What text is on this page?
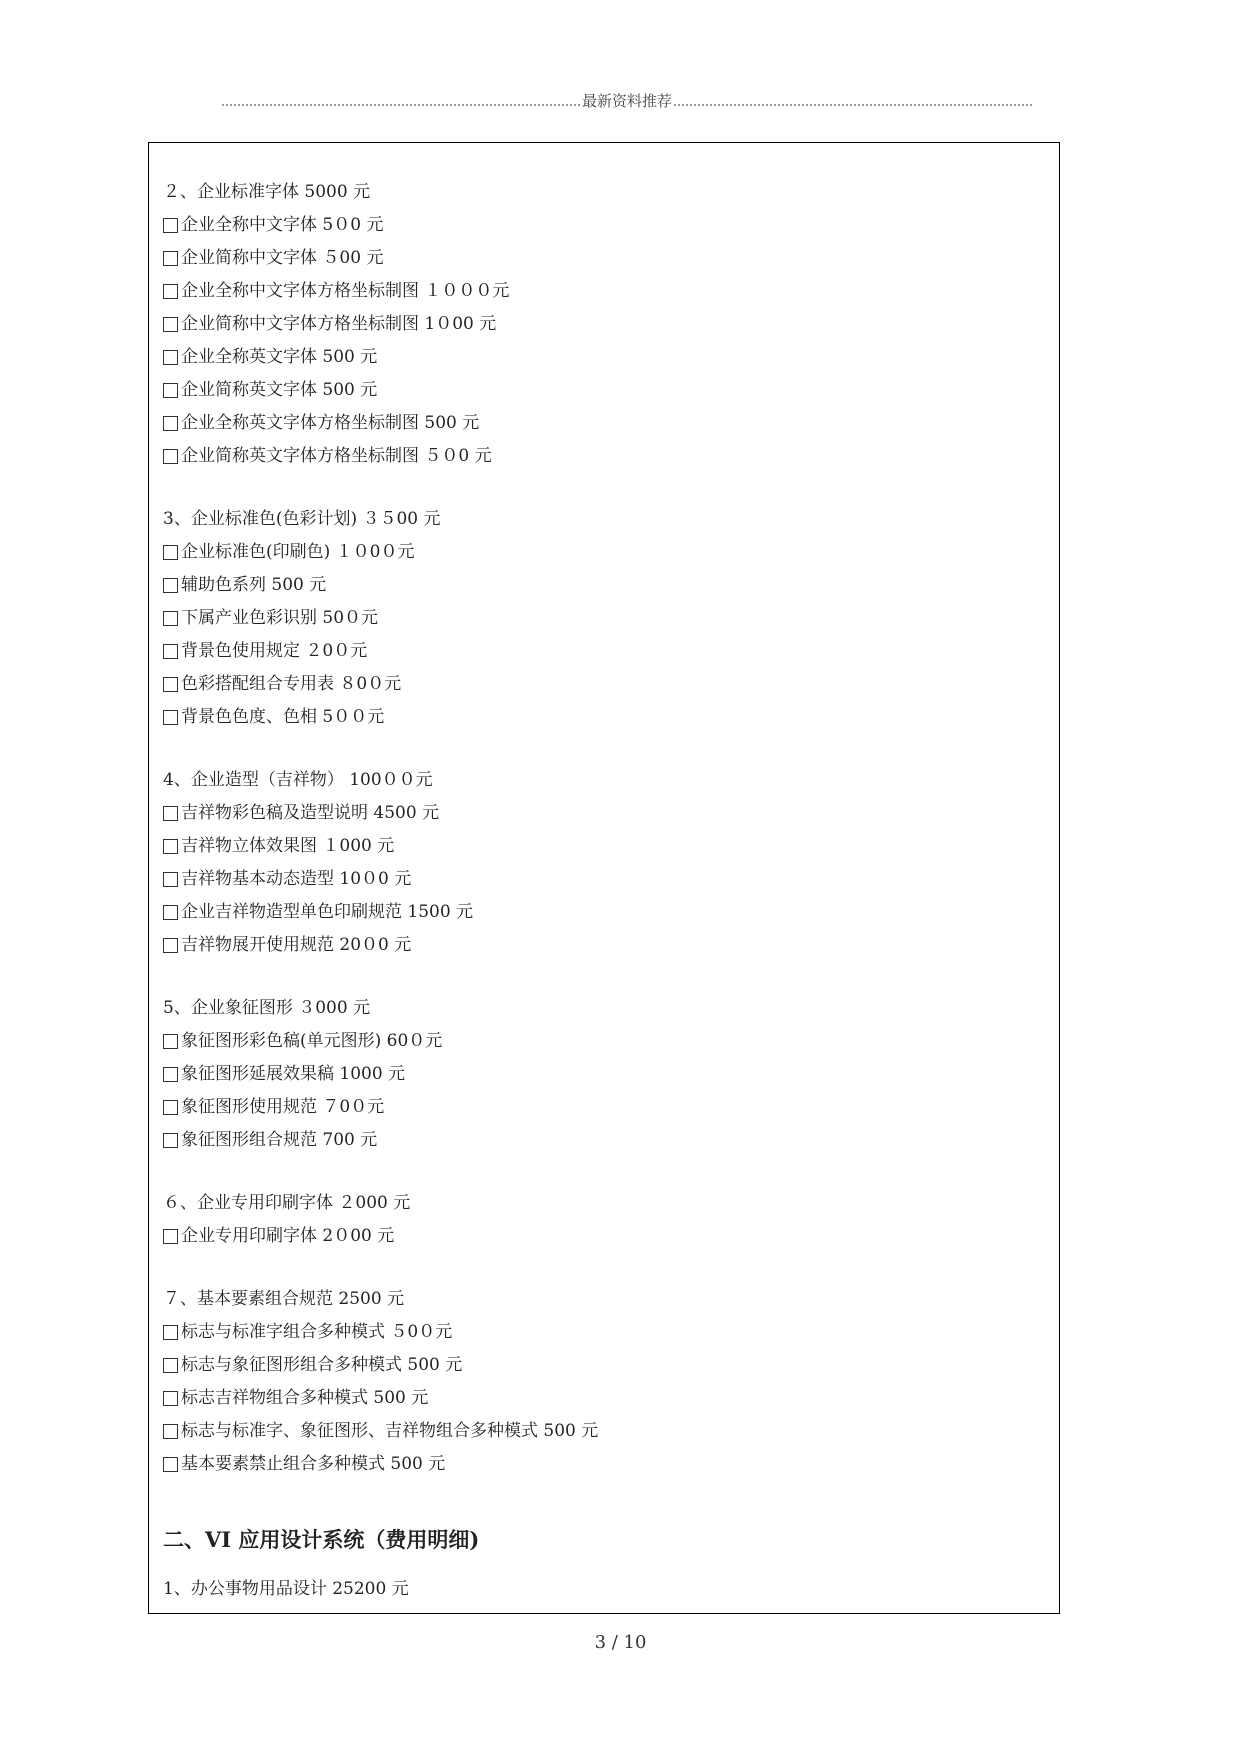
最新资料推荐
２、企业标准字体 5000 元
企业全称中文字体 5０0 元
企业简称中文字体 ５00 元
企业全称中文字体方格坐标制图 １０００元
企业简称中文字体方格坐标制图 1０00 元
企业全称英文字体 500 元
企业简称英文字体 500 元
企业全称英文字体方格坐标制图 500 元
企业简称英文字体方格坐标制图 ５０0 元
3、企业标准色(色彩计划) ３５00 元
企业标准色(印刷色) １０0０元
辅助色系列 500 元
下属产业色彩识别 50０元
背景色使用规定 ２0０元
色彩搭配组合专用表 ８0０元
背景色色度、色相 5００元
4、企业造型（吉祥物） 100００元
吉祥物彩色稿及造型说明 4500 元
吉祥物立体效果图 １000 元
吉祥物基本动态造型 10０0 元
企业吉祥物造型单色印刷规范 1500 元
吉祥物展开使用规范 20０0 元
5、企业象征图形 ３000 元
象征图形彩色稿(单元图形) 60０元
象征图形延展效果稿 1000 元
象征图形使用规范 ７0０元
象征图形组合规范 700 元
６、企业专用印刷字体 ２000 元
企业专用印刷字体 2０00 元
７、基本要素组合规范 2500 元
标志与标准字组合多种模式 ５0０元
标志与象征图形组合多种模式 500 元
标志吉祥物组合多种模式 500 元
标志与标准字、象征图形、吉祥物组合多种模式 500 元
基本要素禁止组合多种模式 500 元
二、VI 应用设计系统（费用明细)
1、办公事物用品设计 25200 元
3 / 10
